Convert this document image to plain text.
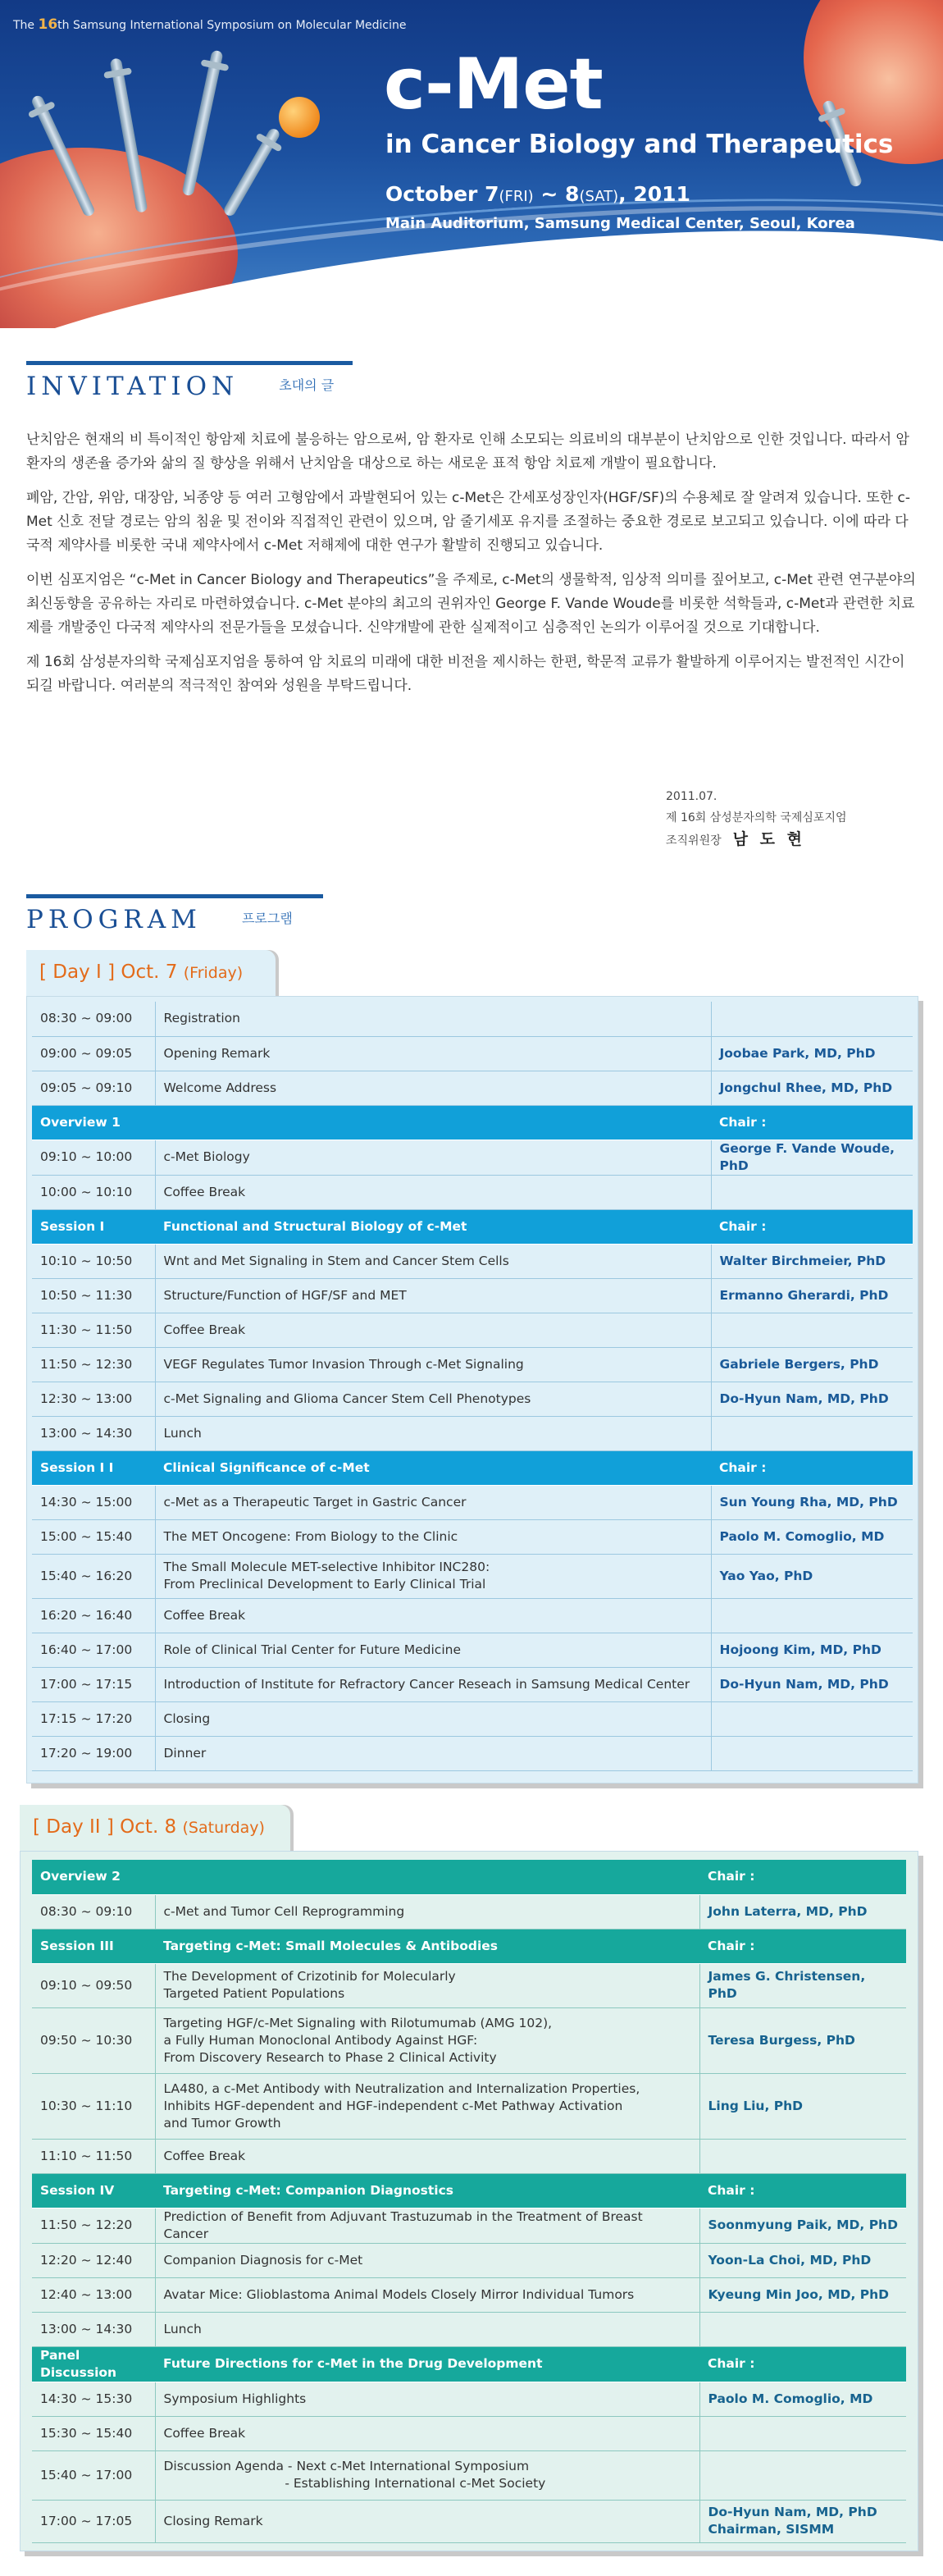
The 16th Samsung International Symposium on Molecular Medicine
c-Met
in Cancer Biology and Therapeutics
October 7(FRI) ~ 8(SAT), 2011
Main Auditorium, Samsung Medical Center, Seoul, Korea
INVITATION	초대의 글

난치암은 현재의 비 특이적인 항암제 치료에 불응하는 암으로써, 암 환자로 인해 소모되는 의료비의 대부분이 난치암으로 인한 것입니다. 따라서 암환자의 생존율 증가와 삶의 질 향상을 위해서 난치암을 대상으로 하는 새로운 표적 항암 치료제 개발이 필요합니다.

폐암, 간암, 위암, 대장암, 뇌종양 등 여러 고형암에서 과발현되어 있는 c-Met은 간세포성장인자(HGF/SF)의 수용체로 잘 알려져 있습니다. 또한 c-Met 신호 전달 경로는 암의 침윤 및 전이와 직접적인 관련이 있으며, 암 줄기세포 유지를 조절하는 중요한 경로로 보고되고 있습니다. 이에 따라 다국적 제약사를 비롯한 국내 제약사에서 c-Met 저해제에 대한 연구가 활발히 진행되고 있습니다.

이번 심포지엄은 “c-Met in Cancer Biology and Therapeutics”을 주제로, c-Met의 생물학적, 임상적 의미를 짚어보고, c-Met 관련 연구분야의 최신동향을 공유하는 자리로 마련하였습니다. c-Met 분야의 최고의 권위자인 George F. Vande Woude를 비롯한 석학들과, c-Met과 관련한 치료제를 개발중인 다국적 제약사의 전문가들을 모셨습니다. 신약개발에 관한 실제적이고 심층적인 논의가 이루어질 것으로 기대합니다.

제 16회 삼성분자의학 국제심포지엄을 통하여 암 치료의 미래에 대한 비전을 제시하는 한편, 학문적 교류가 활발하게 이루어지는 발전적인 시간이 되길 바랍니다. 여러분의 적극적인 참여와 성원을 부탁드립니다.

2011.07.
제 16회 삼성분자의학 국제심포지엄
조직위원장 남 도 현
PROGRAM	프로그램
[ Day I ] Oct. 7 (Friday)
08:30 ~ 09:00	Registration	
09:00 ~ 09:05	Opening Remark	Joobae Park, MD, PhD
09:05 ~ 09:10	Welcome Address	Jongchul Rhee, MD, PhD
Overview 1		Chair :
09:10 ~ 10:00	c-Met Biology	George F. Vande Woude, PhD
10:00 ~ 10:10	Coffee Break	
Session I	Functional and Structural Biology of c-Met	Chair :
10:10 ~ 10:50	Wnt and Met Signaling in Stem and Cancer Stem Cells	Walter Birchmeier, PhD
10:50 ~ 11:30	Structure/Function of HGF/SF and MET	Ermanno Gherardi, PhD
11:30 ~ 11:50	Coffee Break	
11:50 ~ 12:30	VEGF Regulates Tumor Invasion Through c-Met Signaling	Gabriele Bergers, PhD
12:30 ~ 13:00	c-Met Signaling and Glioma Cancer Stem Cell Phenotypes	Do-Hyun Nam, MD, PhD
13:00 ~ 14:30	Lunch	
Session I I	Clinical Significance of c-Met	Chair :
14:30 ~ 15:00	c-Met as a Therapeutic Target in Gastric Cancer	Sun Young Rha, MD, PhD
15:00 ~ 15:40	The MET Oncogene: From Biology to the Clinic	Paolo M. Comoglio, MD
15:40 ~ 16:20	The Small Molecule MET-selective Inhibitor INC280:
From Preclinical Development to Early Clinical Trial	Yao Yao, PhD
16:20 ~ 16:40	Coffee Break	
16:40 ~ 17:00	Role of Clinical Trial Center for Future Medicine	Hojoong Kim, MD, PhD
17:00 ~ 17:15	Introduction of Institute for Refractory Cancer Reseach in Samsung Medical Center	Do-Hyun Nam, MD, PhD
17:15 ~ 17:20	Closing	
17:20 ~ 19:00	Dinner	
[ Day II ] Oct. 8 (Saturday)
Overview 2		Chair :
08:30 ~ 09:10	c-Met and Tumor Cell Reprogramming	John Laterra, MD, PhD
Session III	Targeting c-Met: Small Molecules & Antibodies	Chair :
09:10 ~ 09:50	The Development of Crizotinib for Molecularly
Targeted Patient Populations	James G. Christensen, PhD
09:50 ~ 10:30	Targeting HGF/c-Met Signaling with Rilotumumab (AMG 102),
a Fully Human Monoclonal Antibody Against HGF:
From Discovery Research to Phase 2 Clinical Activity	Teresa Burgess, PhD
10:30 ~ 11:10	LA480, a c-Met Antibody with Neutralization and Internalization Properties,
Inhibits HGF-dependent and HGF-independent c-Met Pathway Activation
and Tumor Growth	Ling Liu, PhD
11:10 ~ 11:50	Coffee Break	
Session IV	Targeting c-Met: Companion Diagnostics	Chair :
11:50 ~ 12:20	Prediction of Benefit from Adjuvant Trastuzumab in the Treatment of Breast Cancer	Soonmyung Paik, MD, PhD
12:20 ~ 12:40	Companion Diagnosis for c-Met	Yoon-La Choi, MD, PhD
12:40 ~ 13:00	Avatar Mice: Glioblastoma Animal Models Closely Mirror Individual Tumors	Kyeung Min Joo, MD, PhD
13:00 ~ 14:30	Lunch	
Panel Discussion	Future Directions for c-Met in the Drug Development	Chair :
14:30 ~ 15:30	Symposium Highlights	Paolo M. Comoglio, MD
15:30 ~ 15:40	Coffee Break	
15:40 ~ 17:00	Discussion Agenda - Next c-Met International Symposium
- Establishing International c-Met Society	
17:00 ~ 17:05	Closing Remark	Do-Hyun Nam, MD, PhD
Chairman, SISMM
